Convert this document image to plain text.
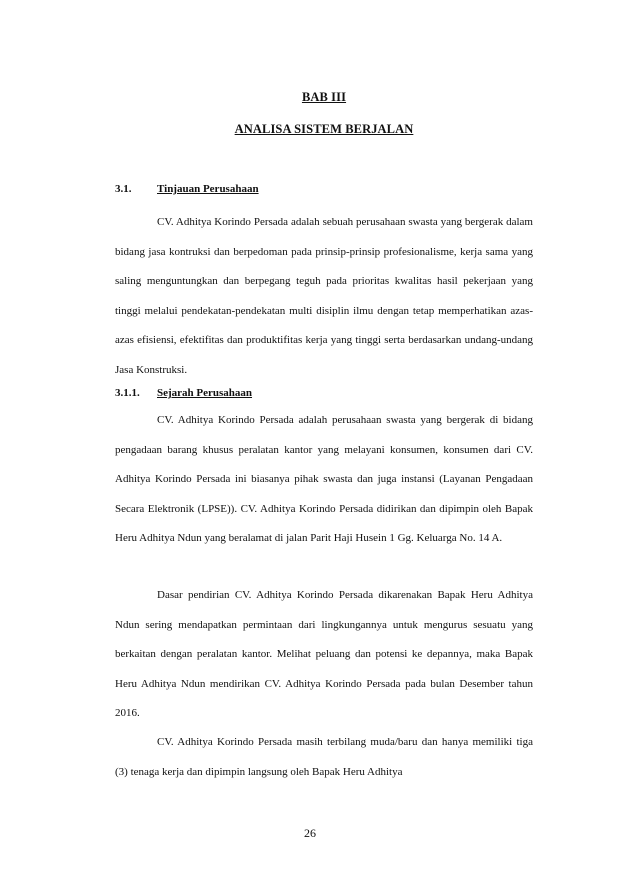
BAB III
ANALISA SISTEM BERJALAN
3.1. Tinjauan Perusahaan

CV. Adhitya Korindo Persada adalah sebuah perusahaan swasta yang bergerak dalam bidang jasa kontruksi dan berpedoman pada prinsip-prinsip profesionalisme, kerja sama yang saling menguntungkan dan berpegang teguh pada prioritas kwalitas hasil pekerjaan yang tinggi melalui pendekatan-pendekatan multi disiplin ilmu dengan tetap memperhatikan azas-azas efisiensi, efektifitas dan produktifitas kerja yang tinggi serta berdasarkan undang-undang Jasa Konstruksi.

3.1.1. Sejarah Perusahaan

CV. Adhitya Korindo Persada adalah perusahaan swasta yang bergerak di bidang pengadaan barang khusus peralatan kantor yang melayani konsumen, konsumen dari CV. Adhitya Korindo Persada ini biasanya pihak swasta dan juga instansi (Layanan Pengadaan Secara Elektronik (LPSE)). CV. Adhitya Korindo Persada didirikan dan dipimpin oleh Bapak Heru Adhitya Ndun yang beralamat di jalan Parit Haji Husein 1 Gg. Keluarga No. 14 A.

Dasar pendirian CV. Adhitya Korindo Persada dikarenakan Bapak Heru Adhitya Ndun sering mendapatkan permintaan dari lingkungannya untuk mengurus sesuatu yang berkaitan dengan peralatan kantor. Melihat peluang dan potensi ke depannya, maka Bapak Heru Adhitya Ndun mendirikan CV. Adhitya Korindo Persada pada bulan Desember tahun 2016.

CV. Adhitya Korindo Persada masih terbilang muda/baru dan hanya memiliki tiga (3) tenaga kerja dan dipimpin langsung oleh Bapak Heru Adhitya

26
